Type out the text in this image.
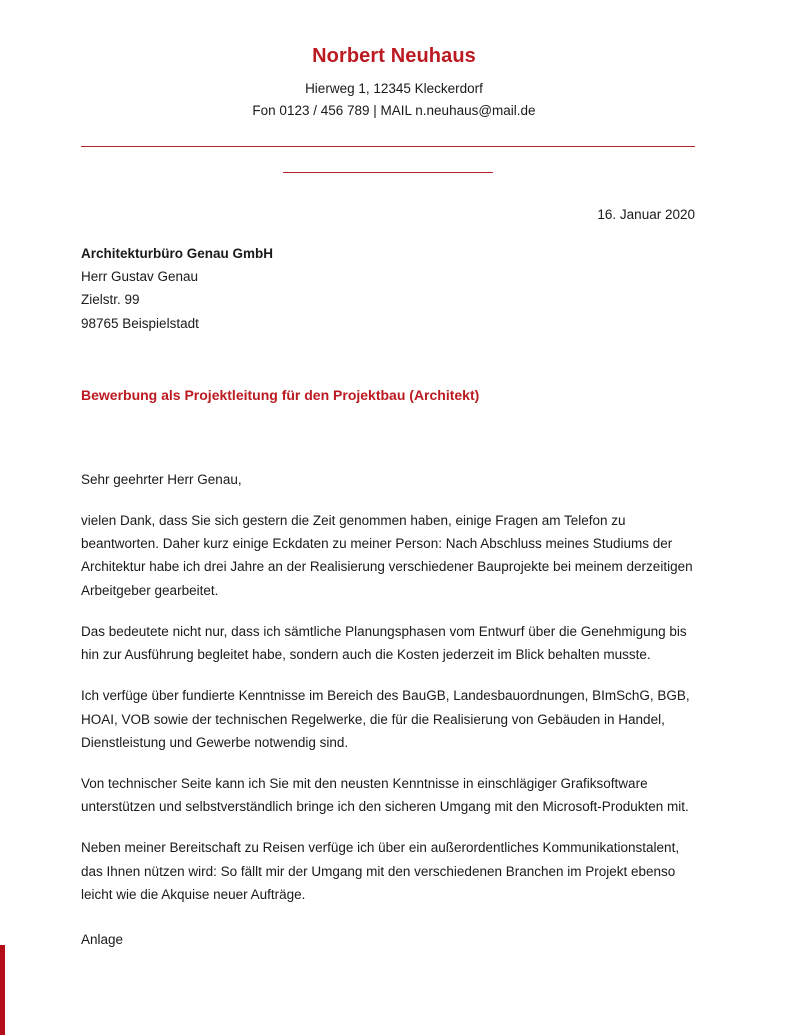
Norbert Neuhaus
Hierweg 1, 12345 Kleckerdorf
Fon 0123 / 456 789 | MAIL n.neuhaus@mail.de
16. Januar 2020
Architekturbüro Genau GmbH
Herr Gustav Genau
Zielstr. 99
98765 Beispielstadt
Bewerbung als Projektleitung für den Projektbau (Architekt)
Sehr geehrter Herr Genau,

vielen Dank, dass Sie sich gestern die Zeit genommen haben, einige Fragen am Telefon zu beantworten. Daher kurz einige Eckdaten zu meiner Person: Nach Abschluss meines Studiums der Architektur habe ich drei Jahre an der Realisierung verschiedener Bauprojekte bei meinem derzeitigen Arbeitgeber gearbeitet.

Das bedeutete nicht nur, dass ich sämtliche Planungsphasen vom Entwurf über die Genehmigung bis hin zur Ausführung begleitet habe, sondern auch die Kosten jederzeit im Blick behalten musste.

Ich verfüge über fundierte Kenntnisse im Bereich des BauGB, Landesbauordnungen, BImSchG, BGB, HOAI, VOB sowie der technischen Regelwerke, die für die Realisierung von Gebäuden in Handel, Dienstleistung und Gewerbe notwendig sind.

Von technischer Seite kann ich Sie mit den neusten Kenntnisse in einschlägiger Grafiksoftware unterstützen und selbstverständlich bringe ich den sicheren Umgang mit den Microsoft-Produkten mit.

Neben meiner Bereitschaft zu Reisen verfüge ich über ein außerordentliches Kommunikationstalent, das Ihnen nützen wird: So fällt mir der Umgang mit den verschiedenen Branchen im Projekt ebenso leicht wie die Akquise neuer Aufträge.

Anlage
